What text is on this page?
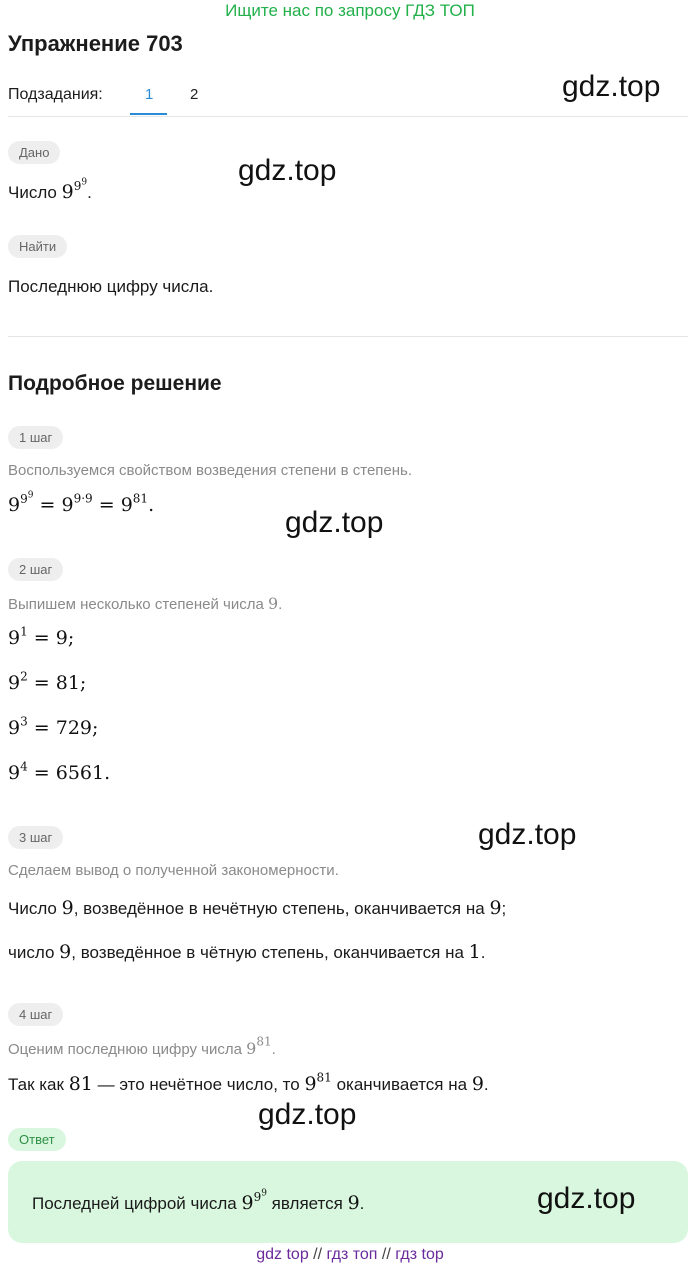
Ищите нас по запросу ГДЗ ТОП
Упражнение 703
Подзадания:	1 2	gdz.top
gdz.top
gdz.top
gdz.top
gdz.top
Дано
Число $9^{9^9}$.
Найти
Последнюю цифру числа.
Подробное решение
1 шаг
Воспользуемся свойством возведения степени в степень.
$9^{9^9} = 9^{9\cdot 9} = 9^{81}$.
2 шаг
Выпишем несколько степеней числа 9.
$9^1 = 9$;
$9^2 = 81$;
$9^3 = 729$;
$9^4 = 6561$.
3 шаг
Сделаем вывод о полученной закономерности.
Число 9, возведённое в нечётную степень, оканчивается на 9;
число 9, возведённое в чётную степень, оканчивается на 1.
4 шаг
Оценим последнюю цифру числа $9^{81}$.
Так как 81 — это нечётное число, то $9^{81}$ оканчивается на 9.
Ответ
Последней цифрой числа $9^{9^9}$ является 9.	gdz.top
gdz top // гдз топ // гдз top
